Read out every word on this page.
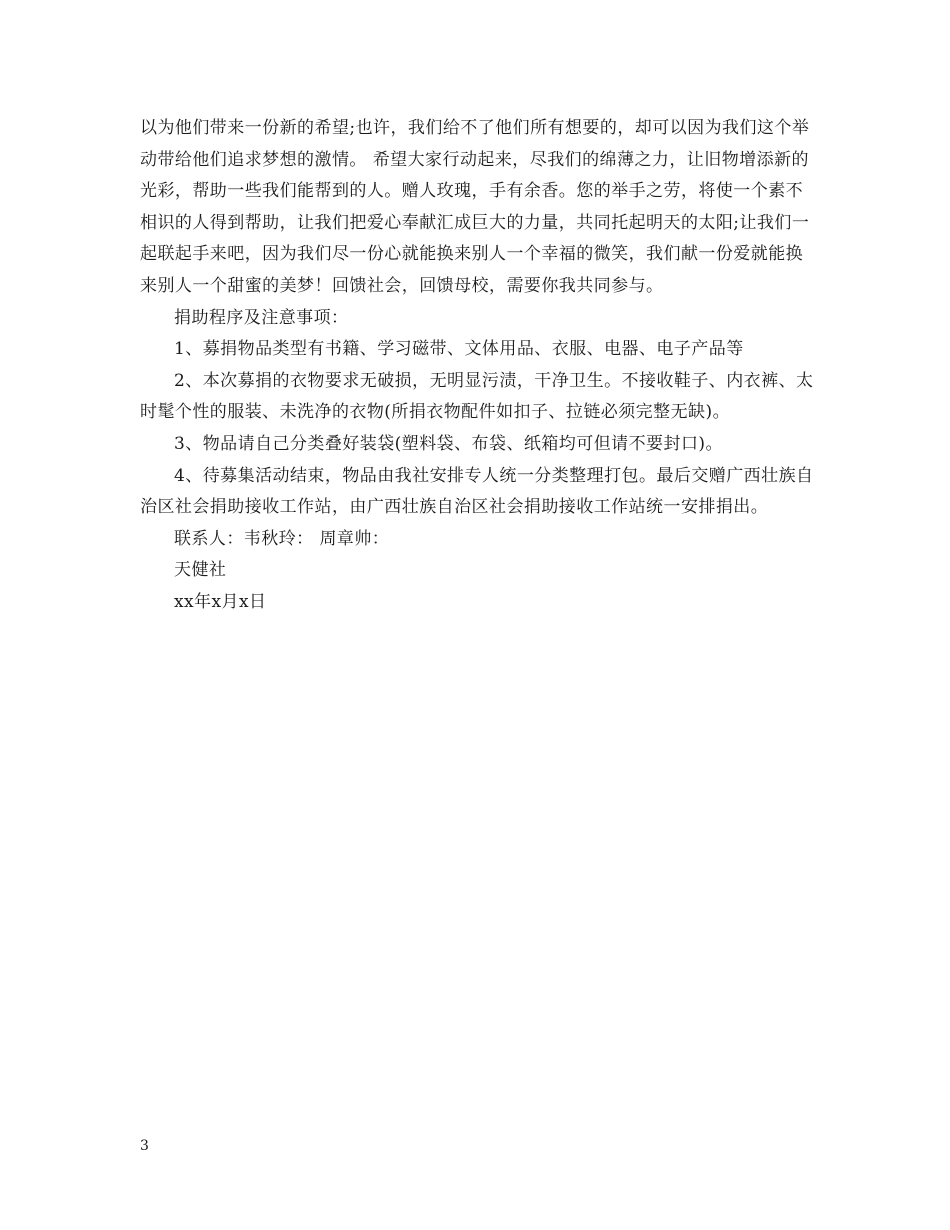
以为他们带来一份新的希望;也许，我们给不了他们所有想要的，却可以因为我们这个举动带给他们追求梦想的激情。 希望大家行动起来，尽我们的绵薄之力，让旧物增添新的光彩，帮助一些我们能帮到的人。赠人玫瑰，手有余香。您的举手之劳，将使一个素不相识的人得到帮助，让我们把爱心奉献汇成巨大的力量，共同托起明天的太阳;让我们一起联起手来吧，因为我们尽一份心就能换来别人一个幸福的微笑，我们献一份爱就能换来别人一个甜蜜的美梦！回馈社会，回馈母校，需要你我共同参与。

捐助程序及注意事项：

1、募捐物品类型有书籍、学习磁带、文体用品、衣服、电器、电子产品等

2、本次募捐的衣物要求无破损，无明显污渍，干净卫生。不接收鞋子、内衣裤、太时髦个性的服装、未洗净的衣物(所捐衣物配件如扣子、拉链必须完整无缺)。

3、物品请自己分类叠好装袋(塑料袋、布袋、纸箱均可但请不要封口)。

4、待募集活动结束，物品由我社安排专人统一分类整理打包。最后交赠广西壮族自治区社会捐助接收工作站，由广西壮族自治区社会捐助接收工作站统一安排捐出。

联系人：韦秋玲： 周章帅：

天健社

xx年x月x日

3
